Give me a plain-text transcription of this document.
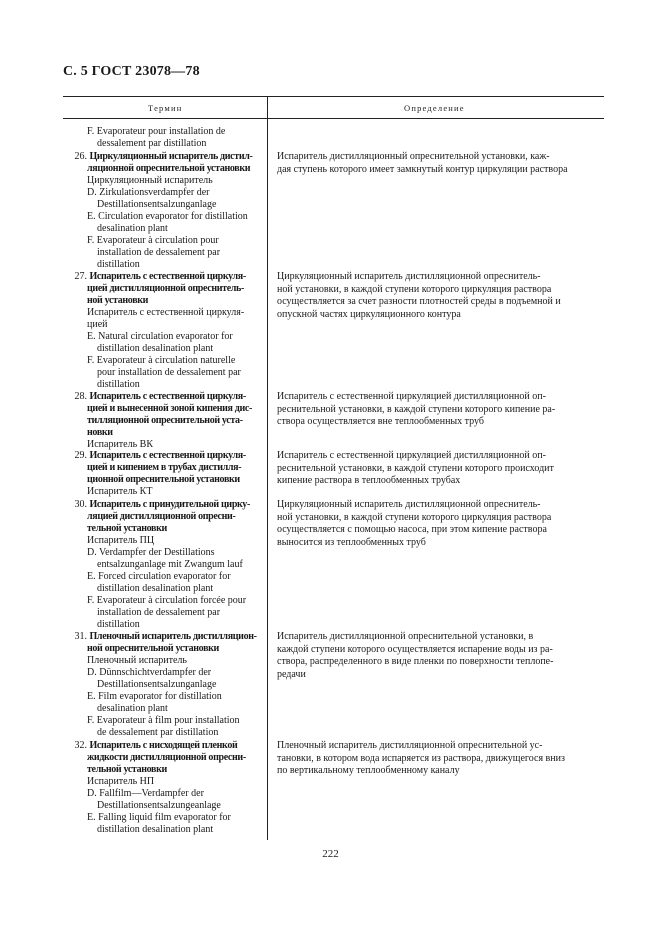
С. 5 ГОСТ 23078—78
Термин	Определение
F. Evaporateur pour installation de
dessalement par distillation
26. Циркуляционный испаритель дистил-
ляционной опреснительной установки
Циркуляционный испаритель
D. Zirkulationsverdampfer der
Destillationsentsalzunganlage
E. Circulation evaporator for distillation
desalination plant
F. Evaporateur à circulation pour
installation de dessalement par
distillation
Испаритель дистилляционный опреснительной установки, каж-
дая ступень которого имеет замкнутый контур циркуляции раствора
27. Испаритель с естественной циркуля-
цией дистилляционной опреснитель-
ной установки
Испаритель с естественной циркуля-
цией
E. Natural circulation evaporator for
distillation desalination plant
F. Evaporateur à circulation naturelle
pour installation de dessalement par
distillation
Циркуляционный испаритель дистилляционной опреснитель-
ной установки, в каждой ступени которого циркуляция раствора
осуществляется за счет разности плотностей среды в подъемной и
опускной частях циркуляционного контура
28. Испаритель с естественной циркуля-
цией и вынесенной зоной кипения дис-
тилляционной опреснительной уста-
новки
Испаритель ВК
Испаритель с естественной циркуляцией дистилляционной оп-
реснительной установки, в каждой ступени которого кипение ра-
створа осуществляется вне теплообменных труб
29. Испаритель с естественной циркуля-
цией и кипением в трубах дистилля-
ционной опреснительной установки
Испаритель КТ
Испаритель с естественной циркуляцией дистилляционной оп-
реснительной установки, в каждой ступени которого происходит
кипение раствора в теплообменных трубах
30. Испаритель с принудительной цирку-
ляцией дистилляционной опресни-
тельной установки
Испаритель ПЦ
D. Verdampfer der Destillations
entsalzunganlage mit Zwangum lauf
E. Forced circulation evaporator for
distillation desalination plant
F. Evaporateur à circulation forcée pour
installation de dessalement par
distillation
Циркуляционный испаритель дистилляционной опреснитель-
ной установки, в каждой ступени которого циркуляция раствора
осуществляется с помощью насоса, при этом кипение раствора
выносится из теплообменных труб
31. Пленочный испаритель дистилляцион-
ной опреснительной установки
Пленочный испаритель
D. Dünnschichtverdampfer der
Destillationsentsalzunganlage
E. Film evaporator for distillation
desalination plant
F. Evaporateur à film pour installation
de dessalement par distillation
Испаритель дистилляционной опреснительной установки, в
каждой ступени которого осуществляется испарение воды из ра-
створа, распределенного в виде пленки по поверхности теплопе-
редачи
32. Испаритель с нисходящей пленкой
жидкости дистилляционной опресни-
тельной установки
Испаритель НП
D. Fallfilm—Verdampfer der
Destillationsentsalzungeanlage
E. Falling liquid film evaporator for
distillation desalination plant
Пленочный испаритель дистилляционной опреснительной ус-
тановки, в котором вода испаряется из раствора, движущегося вниз
по вертикальному теплообменному каналу
222
